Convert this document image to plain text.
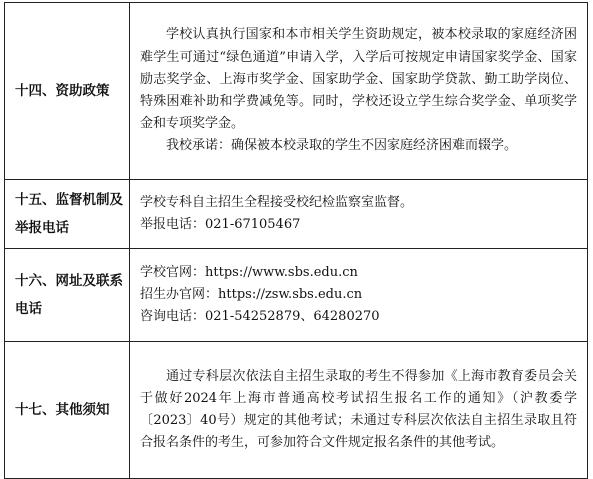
十四、资助政策	学校认真执行国家和本市相关学生资助规定，被本校录取的家庭经济困难学生可通过“绿色通道”申请入学，入学后可按规定申请国家奖学金、国家励志奖学金、上海市奖学金、国家助学金、国家助学贷款、勤工助学岗位、特殊困难补助和学费减免等。同时，学校还设立学生综合奖学金、单项奖学金和专项奖学金。

我校承诺：确保被本校录取的学生不因家庭经济困难而辍学。

十五、监督机制及举报电话	学校专科自主招生全程接受校纪检监察室监督。

举报电话：021-67105467

十六、网址及联系电话	学校官网：https://www.sbs.edu.cn

招生办官网：https://zsw.sbs.edu.cn

咨询电话：021-54252879、64280270

十七、其他须知	通过专科层次依法自主招生录取的考生不得参加《上海市教育委员会关于做好2024年上海市普通高校考试招生报名工作的通知》（沪教委学〔2023〕40号）规定的其他考试；未通过专科层次依法自主招生录取且符合报名条件的考生，可参加符合文件规定报名条件的其他考试。
